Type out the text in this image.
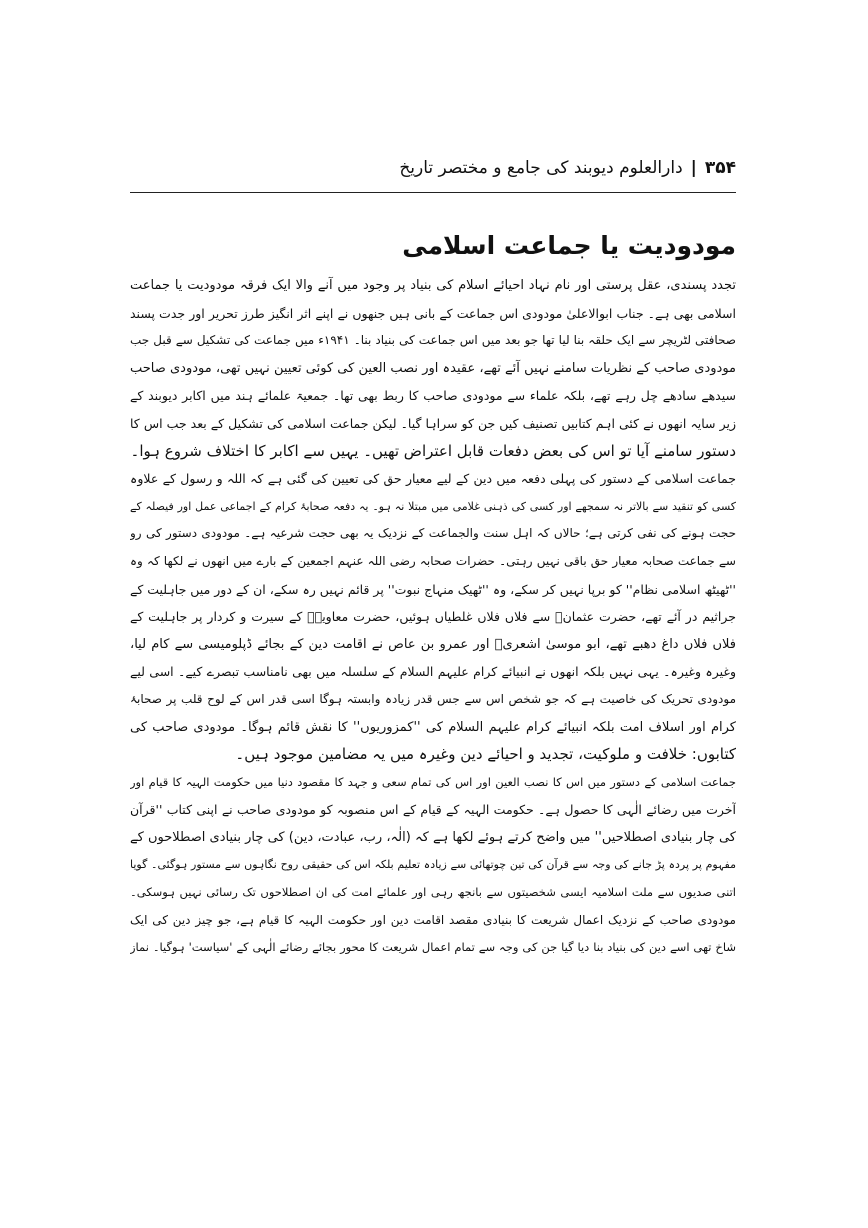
۳۵۴|دارالعلوم دیوبند کی جامع و مختصر تاریخ
مودودیت یا جماعت اسلامی
تجدد پسندی، عقل پرستی اور نام نہاد احیائے اسلام کی بنیاد پر وجود میں آنے والا ایک فرقہ مودودیت یا جماعت
اسلامی بھی ہے۔ جناب ابوالاعلیٰ مودودی اس جماعت کے بانی ہیں جنھوں نے اپنے اثر انگیز طرز تحریر اور جدت پسند
صحافتی لٹریچر سے ایک حلقہ بنا لیا تھا جو بعد میں اس جماعت کی بنیاد بنا۔ ۱۹۴۱ء میں جماعت کی تشکیل سے قبل جب
مودودی صاحب کے نظریات سامنے نہیں آئے تھے، عقیدہ اور نصب العین کی کوئی تعیین نہیں تھی، مودودی صاحب
سیدھے سادھے چل رہے تھے، بلکہ علماء سے مودودی صاحب کا ربط بھی تھا۔ جمعیۃ علمائے ہند میں اکابر دیوبند کے
زیر سایہ انھوں نے کئی اہم کتابیں تصنیف کیں جن کو سراہا گیا۔ لیکن جماعت اسلامی کی تشکیل کے بعد جب اس کا
دستور سامنے آیا تو اس کی بعض دفعات قابل اعتراض تھیں۔ یہیں سے اکابر کا اختلاف شروع ہوا۔
جماعت اسلامی کے دستور کی پہلی دفعہ میں دین کے لیے معیار حق کی تعیین کی گئی ہے کہ اللہ و رسول کے علاوہ
کسی کو تنقید سے بالاتر نہ سمجھے اور کسی کی ذہنی غلامی میں مبتلا نہ ہو۔ یہ دفعہ صحابۂ کرام کے اجماعی عمل اور فیصلہ کے
حجت ہونے کی نفی کرتی ہے؛ حالاں کہ اہل سنت والجماعت کے نزدیک یہ بھی حجت شرعیہ ہے۔ مودودی دستور کی رو
سے جماعت صحابہ معیار حق باقی نہیں رہتی۔ حضرات صحابہ رضی اللہ عنہم اجمعین کے بارے میں انھوں نے لکھا کہ وہ
''ٹھیٹھ اسلامی نظام'' کو برپا نہیں کر سکے، وہ ''ٹھیک منہاج نبوت'' پر قائم نہیں رہ سکے، ان کے دور میں جاہلیت کے
جراثیم در آئے تھے، حضرت عثمانؓ سے فلاں فلاں غلطیاں ہوئیں، حضرت معاویہؓ کے سیرت و کردار پر جاہلیت کے
فلاں فلاں داغ دھبے تھے، ابو موسیٰ اشعریؓ اور عمرو بن عاص نے اقامت دین کے بجائے ڈپلومیسی سے کام لیا،
وغیرہ وغیرہ۔ یہی نہیں بلکہ انھوں نے انبیائے کرام علیہم السلام کے سلسلہ میں بھی نامناسب تبصرے کیے۔ اسی لیے
مودودی تحریک کی خاصیت ہے کہ جو شخص اس سے جس قدر زیادہ وابستہ ہوگا اسی قدر اس کے لوح قلب پر صحابۂ
کرام اور اسلاف امت بلکہ انبیائے کرام علیہم السلام کی ''کمزوریوں'' کا نقش قائم ہوگا۔ مودودی صاحب کی
کتابوں: خلافت و ملوکیت، تجدید و احیائے دین وغیرہ میں یہ مضامین موجود ہیں۔
جماعت اسلامی کے دستور میں اس کا نصب العین اور اس کی تمام سعی و جہد کا مقصود دنیا میں حکومت الہیہ کا قیام اور
آخرت میں رضائے الٰہی کا حصول ہے۔ حکومت الہیہ کے قیام کے اس منصوبہ کو مودودی صاحب نے اپنی کتاب ''قرآن
کی چار بنیادی اصطلاحیں'' میں واضح کرتے ہوئے لکھا ہے کہ (الٰہ، رب، عبادت، دین) کی چار بنیادی اصطلاحوں کے
مفہوم پر پردہ پڑ جانے کی وجہ سے قرآن کی تین چوتھائی سے زیادہ تعلیم بلکہ اس کی حقیقی روح نگاہوں سے مستور ہوگئی۔ گویا
اتنی صدیوں سے ملت اسلامیہ ایسی شخصیتوں سے بانجھ رہی اور علمائے امت کی ان اصطلاحوں تک رسائی نہیں ہوسکی۔
مودودی صاحب کے نزدیک اعمال شریعت کا بنیادی مقصد اقامت دین اور حکومت الہیہ کا قیام ہے، جو چیز دین کی ایک
شاخ تھی اسے دین کی بنیاد بنا دیا گیا جن کی وجہ سے تمام اعمال شریعت کا محور بجائے رضائے الٰہی کے 'سیاست' ہوگیا۔ نماز
